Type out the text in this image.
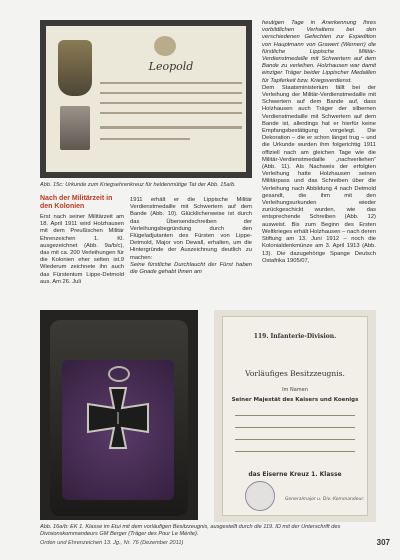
Leopold
Abb. 15c: Urkunde zum Kriegsehrenkreuz für heldenmütige Tat der Abb. 15a/b.

heutigen Tage in Anerkennung Ihres vorbildlichen Verhaltens bei den verschiedenen Gefechten zur Expedition von Hauptmann von Grawert (Wernerr) die fürstliche Lippische Militär-Verdienstmedaille mit Schwertern auf dem Bande zu verleihen. Holzhausen war damit einziger Träger beider Lippischer Medaillen für Tapferkeit bzw. Kriegsverdienst.

Dem Staatsministerium fällt bei der Verleihung der Militär-Verdienstmedaille mit Schwertern auf dem Bande auf, dass Holzhausen auch Träger der silbernen Verdienstmedaille mit Schwertern auf dem Bande ist, allerdings hat er hierfür keine Empfangsbestätigung vorgelegt. Die Dekoration – die er schon längst trug – und die Urkunde wurden ihm folgerichtig 1911 offiziell nach am gleichen Tage wie die Militär-Verdienstmedaille „nachverliehen“ (Abb. 11). Als Nachweis der erfolgten Verleihung hatte Holzhausen seinen Militärpass und das Schreiben über die Verleihung nach Abbildung 4 nach Detmold gesandt, die ihm mit den Verleihungsurkunden wieder zurückgeschickt wurden, wie das entsprechende Schreiben (Abb. 12) ausweist. Bis zum Beginn des Ersten Weltkrieges erhält Holzhausen – nach deren Stiftung am 13. Juni 1912 – noch die Kolonialdenkmünze am 3. April 1913 (Abb. 13). Die dazugehörige Spange Deutsch Ostafrika 1905/07,

Nach der Militärzeit in den Kolonien

Erst nach seiner Militärzeit am 18. April 1911 wird Holzhausen mit dem Preußischen Militär Ehrenzeichen 1. Kl. ausgezeichnet (Abb. 9a/b/c), das mit ca. 200 Verleihungen für die Kolonien eher selten ist.9 Wiederum zeichnete ihn auch das Fürstentum Lippe-Detmold aus. Am 26. Juli

1911 erhält er die Lippische Militär Verdienstmedaille mit Schwertern auf dem Bande (Abb. 10). Glücklicherweise ist durch das Übersendschreiben der Verleihungsbegründung durch den Flügeladjutanten des Fürsten von Lippe-Detmold, Major von Dewall, erhalten, um die Hintergründe der Auszeichnung deutlich zu machen:

Seine fürstliche Durchlaucht der Fürst haben die Gnade gehabt Ihnen am

119. Infanterie-Division.
Vorläufiges Besitzzeugnis.
Im Namen
Seiner Majestät des Kaisers und Koenigs
das Eiserne Kreuz 1. Klasse
Generalmajor u. Div.-Kommandeur.
Abb. 16a/b: EK 1. Klasse im Etui mit dem vorläufigen Besitzzeugnis, ausgestellt durch die 119. ID mit der Unterschrift des Divisionskommandeurs GM Berger (Träger des Pour Le Mérite).
Orden und Ehrenzeichen 13. Jg., Nr. 76 (Dezember 2011)	307
